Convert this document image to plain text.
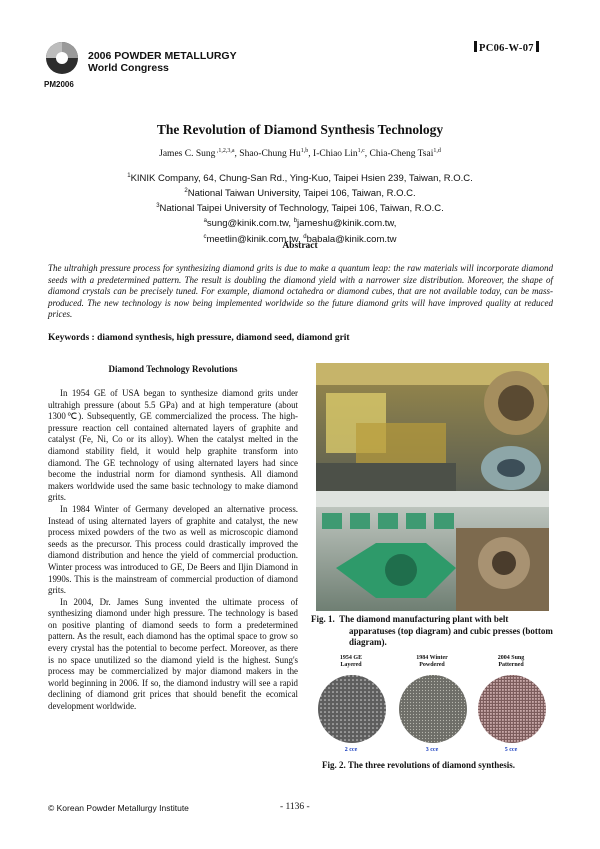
PM2006
2006 POWDER METALLURGY
World Congress
PC06-W-07
The Revolution of Diamond Synthesis Technology
James C. Sung $^{,1,2,3,a}$, Shao-Chung Hu$^{1,b}$, I-Chiao Lin$^{1,c}$, Chia-Cheng Tsai$^{1,d}$
$^1$KINIK Company, 64, Chung-San Rd., Ying-Kuo, Taipei Hsien 239, Taiwan, R.O.C.
$^2$National Taiwan University, Taipei 106, Taiwan, R.O.C.
$^3$National Taipei University of Technology, Taipei 106, Taiwan, R.O.C.
$^a$sung@kinik.com.tw, $^b$jameshu@kinik.com.tw,
$^c$meetlin@kinik.com.tw, $^d$babala@kinik.com.tw
Abstract
The ultrahigh pressure process for synthesizing diamond grits is due to make a quantum leap: the raw materials will incorporate diamond seeds with a predetermined pattern. The result is doubling the diamond yield with a narrower size distribution. Moreover, the shape of diamond crystals can be precisely tuned. For example, diamond octahedra or diamond cubes, that are not available today, can be mass-produced. The new technology is now being implemented worldwide so the future diamond grits will have improved quality at reduced prices.
Keywords : diamond synthesis, high pressure, diamond seed, diamond grit
Diamond Technology Revolutions

In 1954 GE of USA began to synthesize diamond grits under ultrahigh pressure (about 5.5 GPa) and at high temperature (about 1300℃). Subsequently, GE commercialized the process. The high-pressure reaction cell contained alternated layers of graphite and catalyst (Fe, Ni, Co or its alloy). When the catalyst melted in the diamond stability field, it would help graphite transform into diamond. The GE technology of using alternated layers had since become the industrial norm for diamond synthesis. All diamond makers worldwide used the same basic technology to make diamond grits.

In 1984 Winter of Germany developed an alternative process. Instead of using alternated layers of graphite and catalyst, the new process mixed powders of the two as well as microscopic diamond seeds as the precursor. This process could drastically improved the diamond distribution and hence the yield of commercial production. Winter process was introduced to GE, De Beers and Iljin Diamond in 1990s. This is the mainstream of commercial production of diamond grits.

In 2004, Dr. James Sung invented the ultimate process of synthesizing diamond under high pressure. The technology is based on positive planting of diamond seeds to form a predetermined pattern. As the result, each diamond has the optimal space to grow so every crystal has the potential to become perfect. Moreover, as there is no space unutilized so the diamond yield is the highest. Sung's process may be commercialized by major diamond makers in the world beginning in 2006. If so, the diamond industry will see a rapid declining of diamond grit prices that should benefit the ecomical development worldwide.

Fig. 1. The diamond manufacturing plant with belt apparatuses (top diagram) and cubic presses (bottom diagram).
1954 GE
Layered
1984 Winter
Powdered
2004 Sung
Patterned
2 cce	3 cce	5 cce
Fig. 2. The three revolutions of diamond synthesis.
© Korean Powder Metallurgy Institute	- 1136 -
